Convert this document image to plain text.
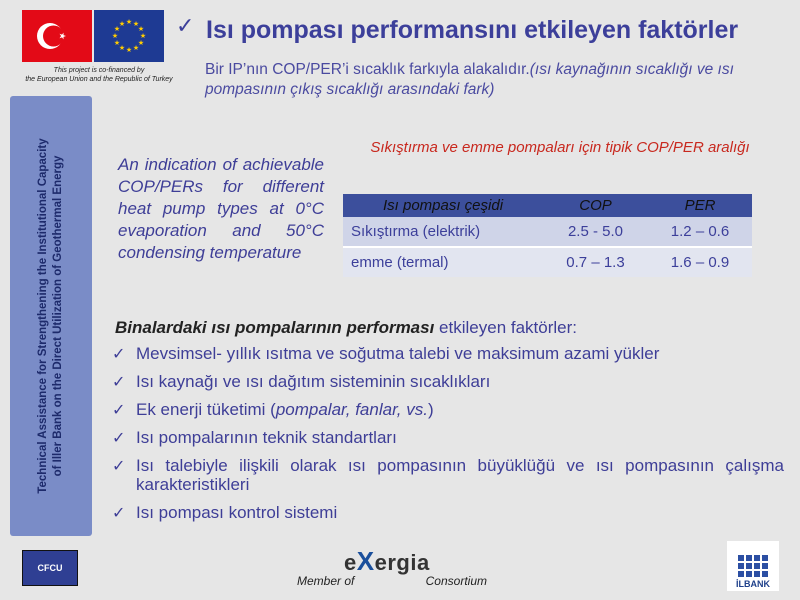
★ ★
★
★
★
★
★
★
★
★
★
★
This project is co-financed by
the European Union and the Republic of Turkey
✓ Isı pompası performansını etkileyen faktörler
Bir IP’nın COP/PER’i sıcaklık farkıyla alakalıdır.(ısı kaynağının sıcaklığı ve ısı pompasının çıkış sıcaklığı arasındaki fark)
Technical Assistance for Strengthening the Institutional Capacity of Iller Bank on the Direct Utilization of Geothermal Energy	An indication of achievable COP/PERs for different heat pump types at 0°C evaporation and 50°C condensing temperature
Sıkıştırma ve emme pompaları için tipik COP/PER aralığı
Isı pompası çeşidi	COP	PER
Sıkıştırma (elektrik)	2.5 - 5.0	1.2 – 0.6
emme (termal)	0.7 – 1.3	1.6 – 0.9
Binalardaki ısı pompalarının performası etkileyen faktörler:
✓ Mevsimsel- yıllık ısıtma ve soğutma talebi ve maksimum azami yükler
✓ Isı kaynağı ve ısı dağıtım sisteminin sıcaklıkları
✓ Ek enerji tüketimi (pompalar, fanlar, vs.)
✓ Isı pompalarının teknik standartları
✓ Isı talebiyle ilişkili olarak ısı pompasının büyüklüğü ve ısı pompasının çalışma karakteristikleri
✓ Isı pompası kontrol sistemi
CFCU	eXergia
Member of	Consortium	İLBANK
